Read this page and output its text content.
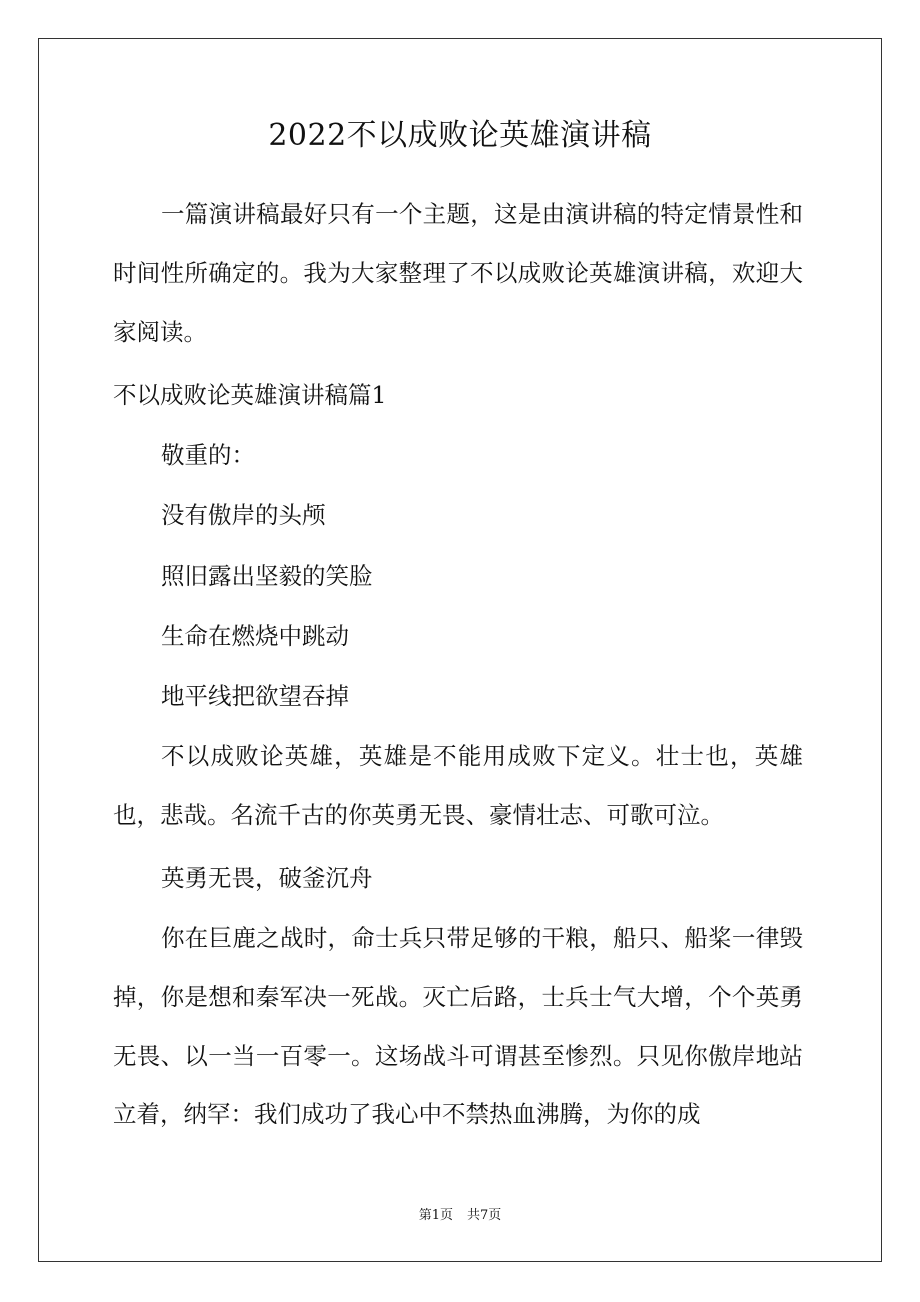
2022不以成败论英雄演讲稿

一篇演讲稿最好只有一个主题，这是由演讲稿的特定情景性和时间性所确定的。我为大家整理了不以成败论英雄演讲稿，欢迎大家阅读。

不以成败论英雄演讲稿篇1
敬重的：
没有傲岸的头颅
照旧露出坚毅的笑脸
生命在燃烧中跳动
地平线把欲望吞掉

不以成败论英雄，英雄是不能用成败下定义。壮士也，英雄也，悲哉。名流千古的你英勇无畏、豪情壮志、可歌可泣。

英勇无畏，破釜沉舟

你在巨鹿之战时，命士兵只带足够的干粮，船只、船桨一律毁掉，你是想和秦军决一死战。灭亡后路，士兵士气大增，个个英勇无畏、以一当一百零一。这场战斗可谓甚至惨烈。只见你傲岸地站立着，纳罕：我们成功了我心中不禁热血沸腾，为你的成

第1页 共7页
